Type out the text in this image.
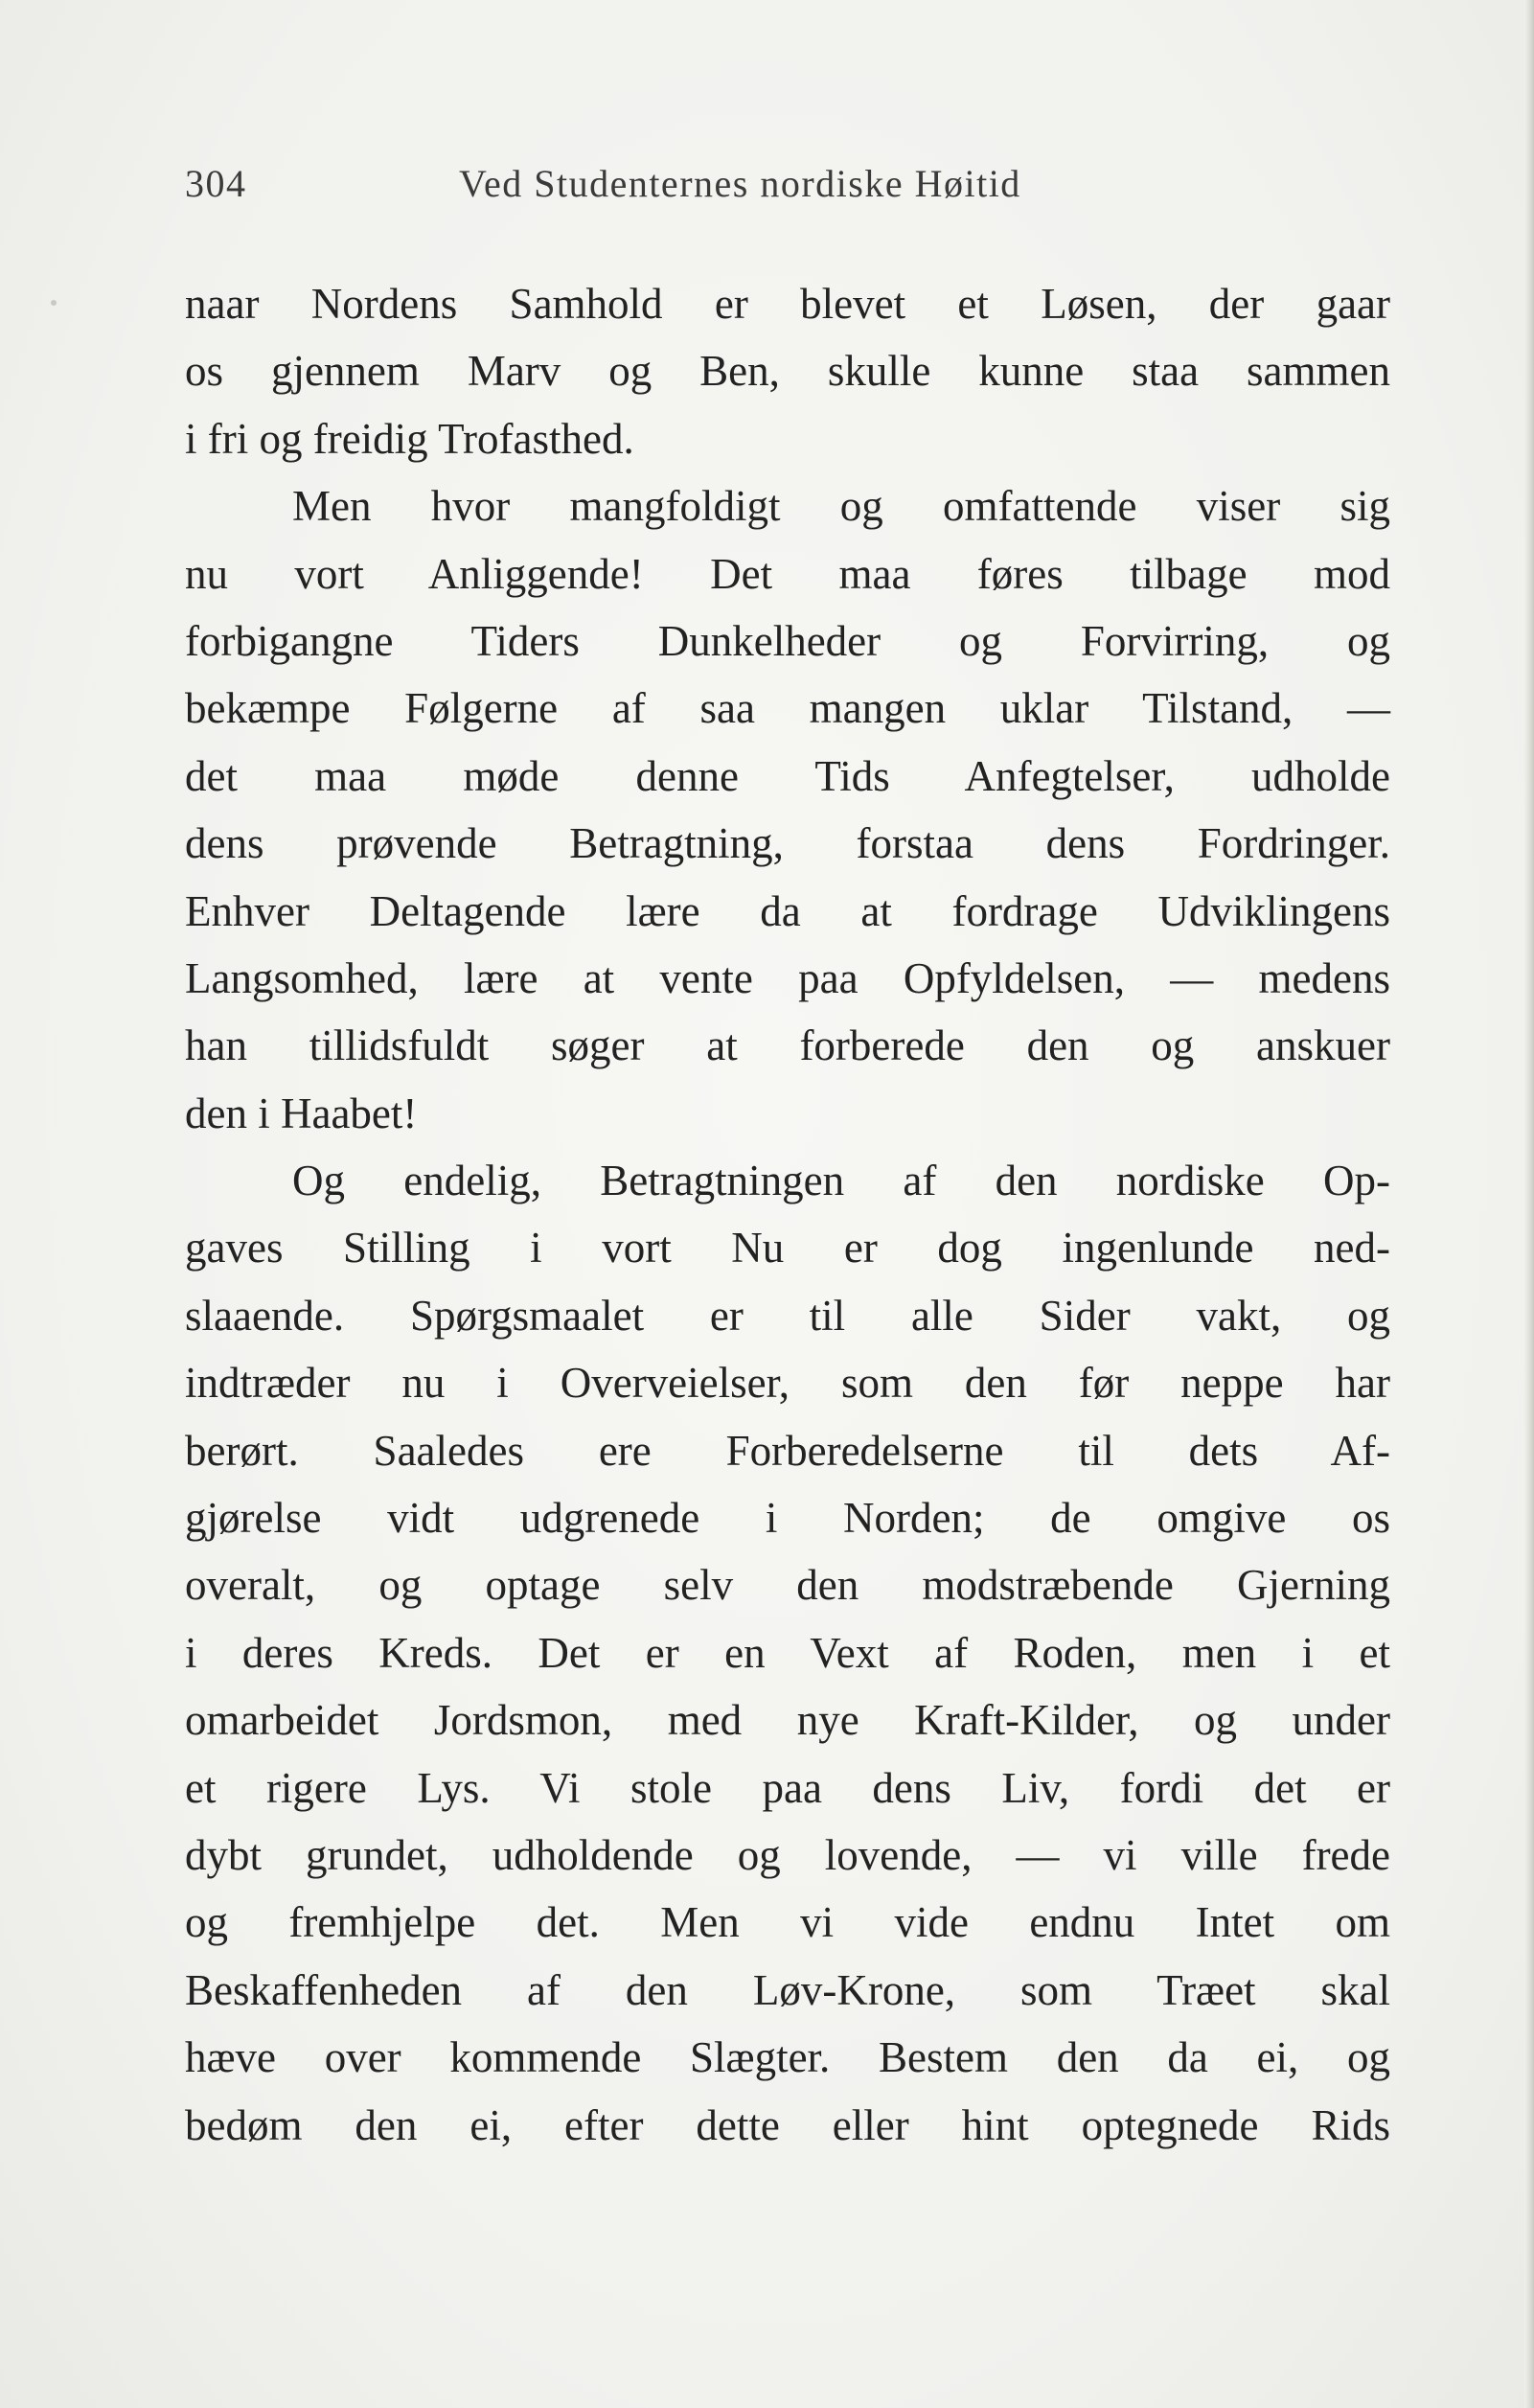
304	Ved Studenternes nordiske Høitid
naar Nordens Samhold er blevet et Løsen, der gaar
os gjennem Marv og Ben, skulle kunne staa sammen
i fri og freidig Trofasthed.
Men hvor mangfoldigt og omfattende viser sig
nu vort Anliggende! Det maa føres tilbage mod
forbigangne Tiders Dunkelheder og Forvirring, og
bekæmpe Følgerne af saa mangen uklar Tilstand, —
det maa møde denne Tids Anfegtelser, udholde
dens prøvende Betragtning, forstaa dens Fordringer.
Enhver Deltagende lære da at fordrage Udviklingens
Langsomhed, lære at vente paa Opfyldelsen, — medens
han tillidsfuldt søger at forberede den og anskuer
den i Haabet!
Og endelig, Betragtningen af den nordiske Op-
gaves Stilling i vort Nu er dog ingenlunde ned-
slaaende. Spørgsmaalet er til alle Sider vakt, og
indtræder nu i Overveielser, som den før neppe har
berørt. Saaledes ere Forberedelserne til dets Af-
gjørelse vidt udgrenede i Norden; de omgive os
overalt, og optage selv den modstræbende Gjerning
i deres Kreds. Det er en Vext af Roden, men i et
omarbeidet Jordsmon, med nye Kraft-Kilder, og under
et rigere Lys. Vi stole paa dens Liv, fordi det er
dybt grundet, udholdende og lovende, — vi ville frede
og fremhjelpe det. Men vi vide endnu Intet om
Beskaffenheden af den Løv-Krone, som Træet skal
hæve over kommende Slægter. Bestem den da ei, og
bedøm den ei, efter dette eller hint optegnede Rids
